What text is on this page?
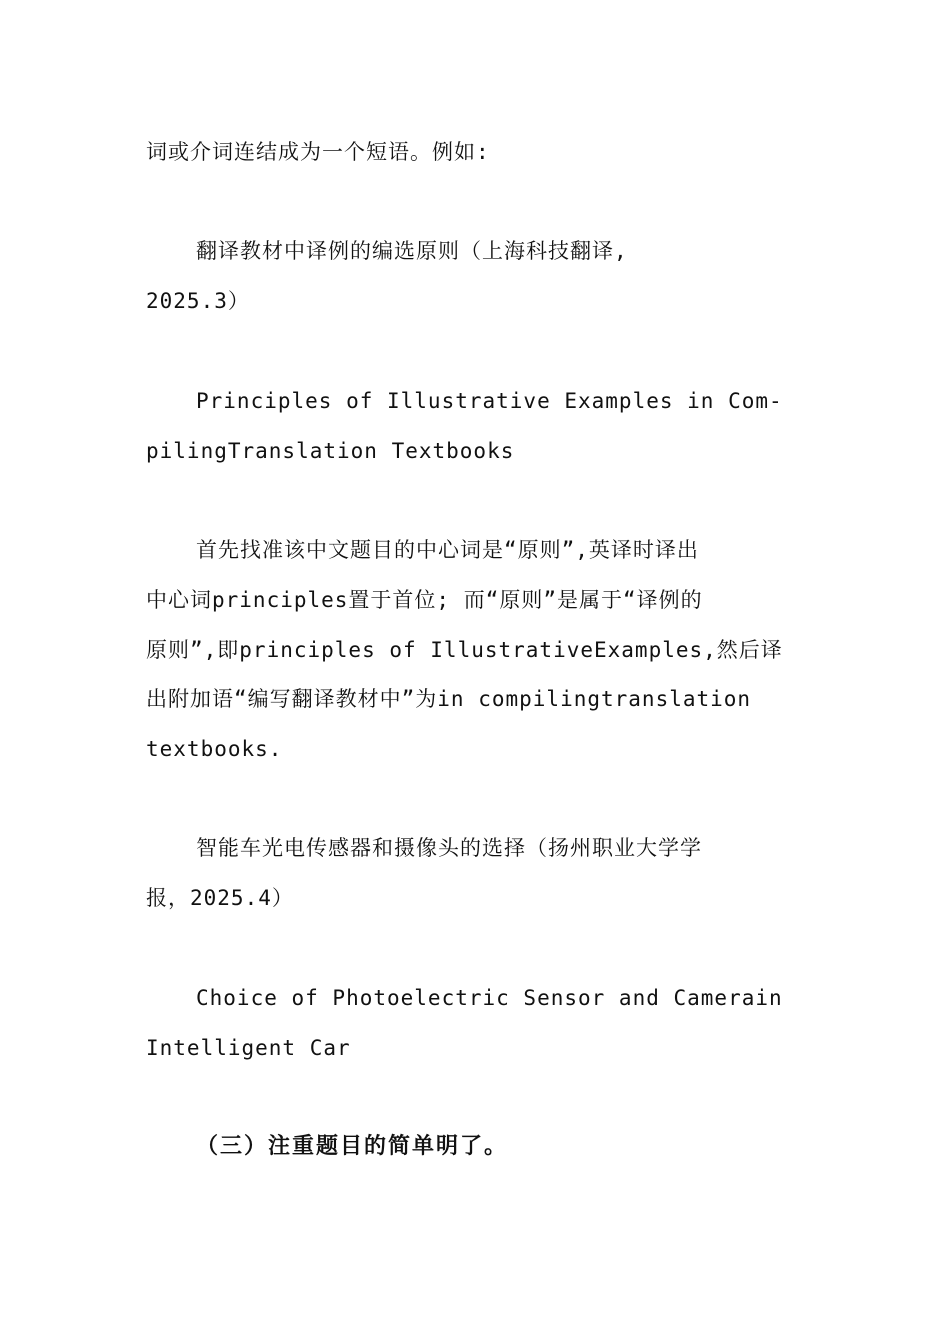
词或介词连结成为一个短语。例如:
翻译教材中译例的编选原则（上海科技翻译,
2025.3）
Principles of Illustrative Examples in Com-
pilingTranslation Textbooks
首先找准该中文题目的中心词是“原则”,英译时译出
中心词principles置于首位; 而“原则”是属于“译例的
原则”,即principles of IllustrativeExamples,然后译
出附加语“编写翻译教材中”为in compilingtranslation
textbooks.
智能车光电传感器和摄像头的选择（扬州职业大学学
报，2025.4）
Choice of Photoelectric Sensor and Camerain
Intelligent Car
（三）注重题目的简单明了。
